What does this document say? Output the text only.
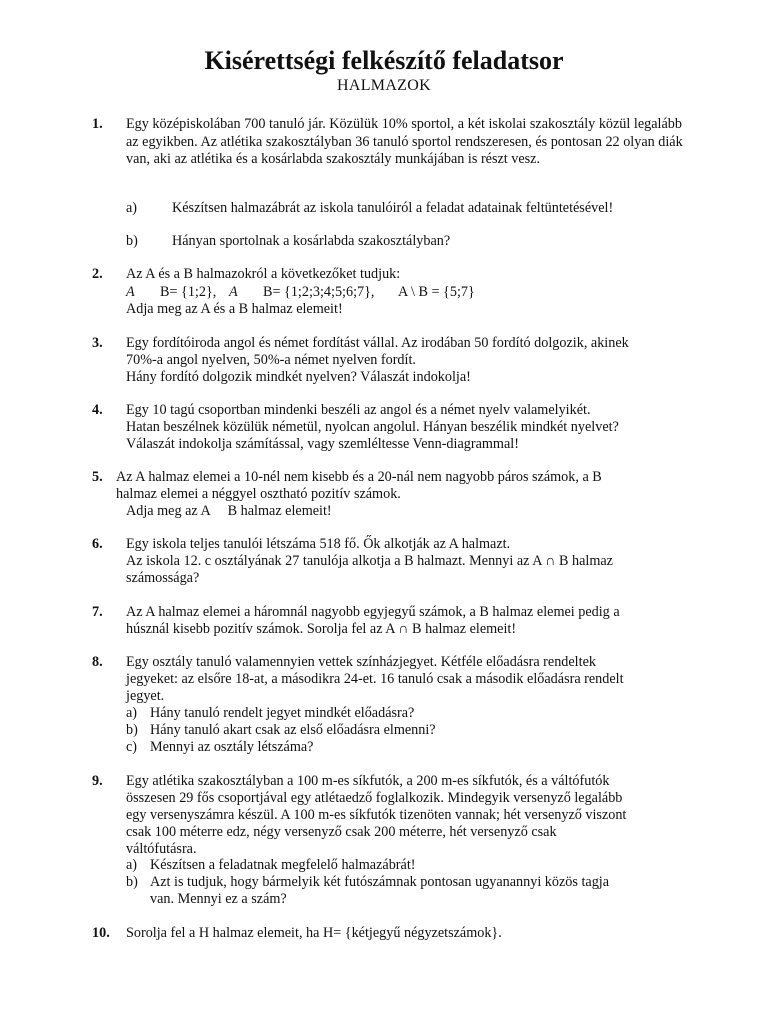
Kisérettségi felkészítő feladatsor
HALMAZOK
1. Egy középiskolában 700 tanuló jár. Közülük 10% sportol, a két iskolai szakosztály közül legalább az egyikben. Az atlétika szakosztályban 36 tanuló sportol rendszeresen, és pontosan 22 olyan diák van, aki az atlétika és a kosárlabda szakosztály munkájában is részt vesz.
a) Készítsen halmazábrát az iskola tanulóiról a feladat adatainak feltüntetésével!
b) Hányan sportolnak a kosárlabda szakosztályban?
2. Az A és a B halmazokról a következőket tudjuk:
A B= {1;2}, A B= {1;2;3;4;5;6;7}, A \ B = {5;7}
Adja meg az A és a B halmaz elemeit!
3. Egy fordítóiroda angol és német fordítást vállal. Az irodában 50 fordító dolgozik, akinek
70%-a angol nyelven, 50%-a német nyelven fordít.
Hány fordító dolgozik mindkét nyelven? Válaszát indokolja!
4. Egy 10 tagú csoportban mindenki beszéli az angol és a német nyelv valamelyikét.
Hatan beszélnek közülük németül, nyolcan angolul. Hányan beszélik mindkét nyelvet?
Válaszát indokolja számítással, vagy szemléltesse Venn-diagrammal!
5. Az A halmaz elemei a 10-nél nem kisebb és a 20-nál nem nagyobb páros számok, a B
halmaz elemei a néggyel osztható pozitív számok.
Adja meg az A     B halmaz elemeit!
6. Egy iskola teljes tanulói létszáma 518 fő. Ők alkotják az A halmazt.
Az iskola 12. c osztályának 27 tanulója alkotja a B halmazt. Mennyi az A ∩ B halmaz
számossága?
7. Az A halmaz elemei a háromnál nagyobb egyjegyű számok, a B halmaz elemei pedig a
húsznál kisebb pozitív számok. Sorolja fel az A ∩ B halmaz elemeit!
8. Egy osztály tanuló valamennyien vettek színházjegyet. Kétféle előadásra rendeltek
jegyeket: az elsőre 18-at, a másodikra 24-et. 16 tanuló csak a második előadásra rendelt
jegyet.
a) Hány tanuló rendelt jegyet mindkét előadásra?
b) Hány tanuló akart csak az első előadásra elmenni?
c) Mennyi az osztály létszáma?
9. Egy atlétika szakosztályban a 100 m-es síkfutók, a 200 m-es síkfutók, és a váltófutók
összesen 29 fős csoportjával egy atlétaedző foglalkozik. Mindegyik versenyző legalább
egy versenyszámra készül. A 100 m-es síkfutók tizenöten vannak; hét versenyző viszont
csak 100 méterre edz, négy versenyző csak 200 méterre, hét versenyző csak
váltófutásra.
a) Készítsen a feladatnak megfelelő halmazábrát!
b) Azt is tudjuk, hogy bármelyik két futószámnak pontosan ugyanannyi közös tagja
van. Mennyi ez a szám?
10. Sorolja fel a H halmaz elemeit, ha H= {kétjegyű négyzetszámok}.
